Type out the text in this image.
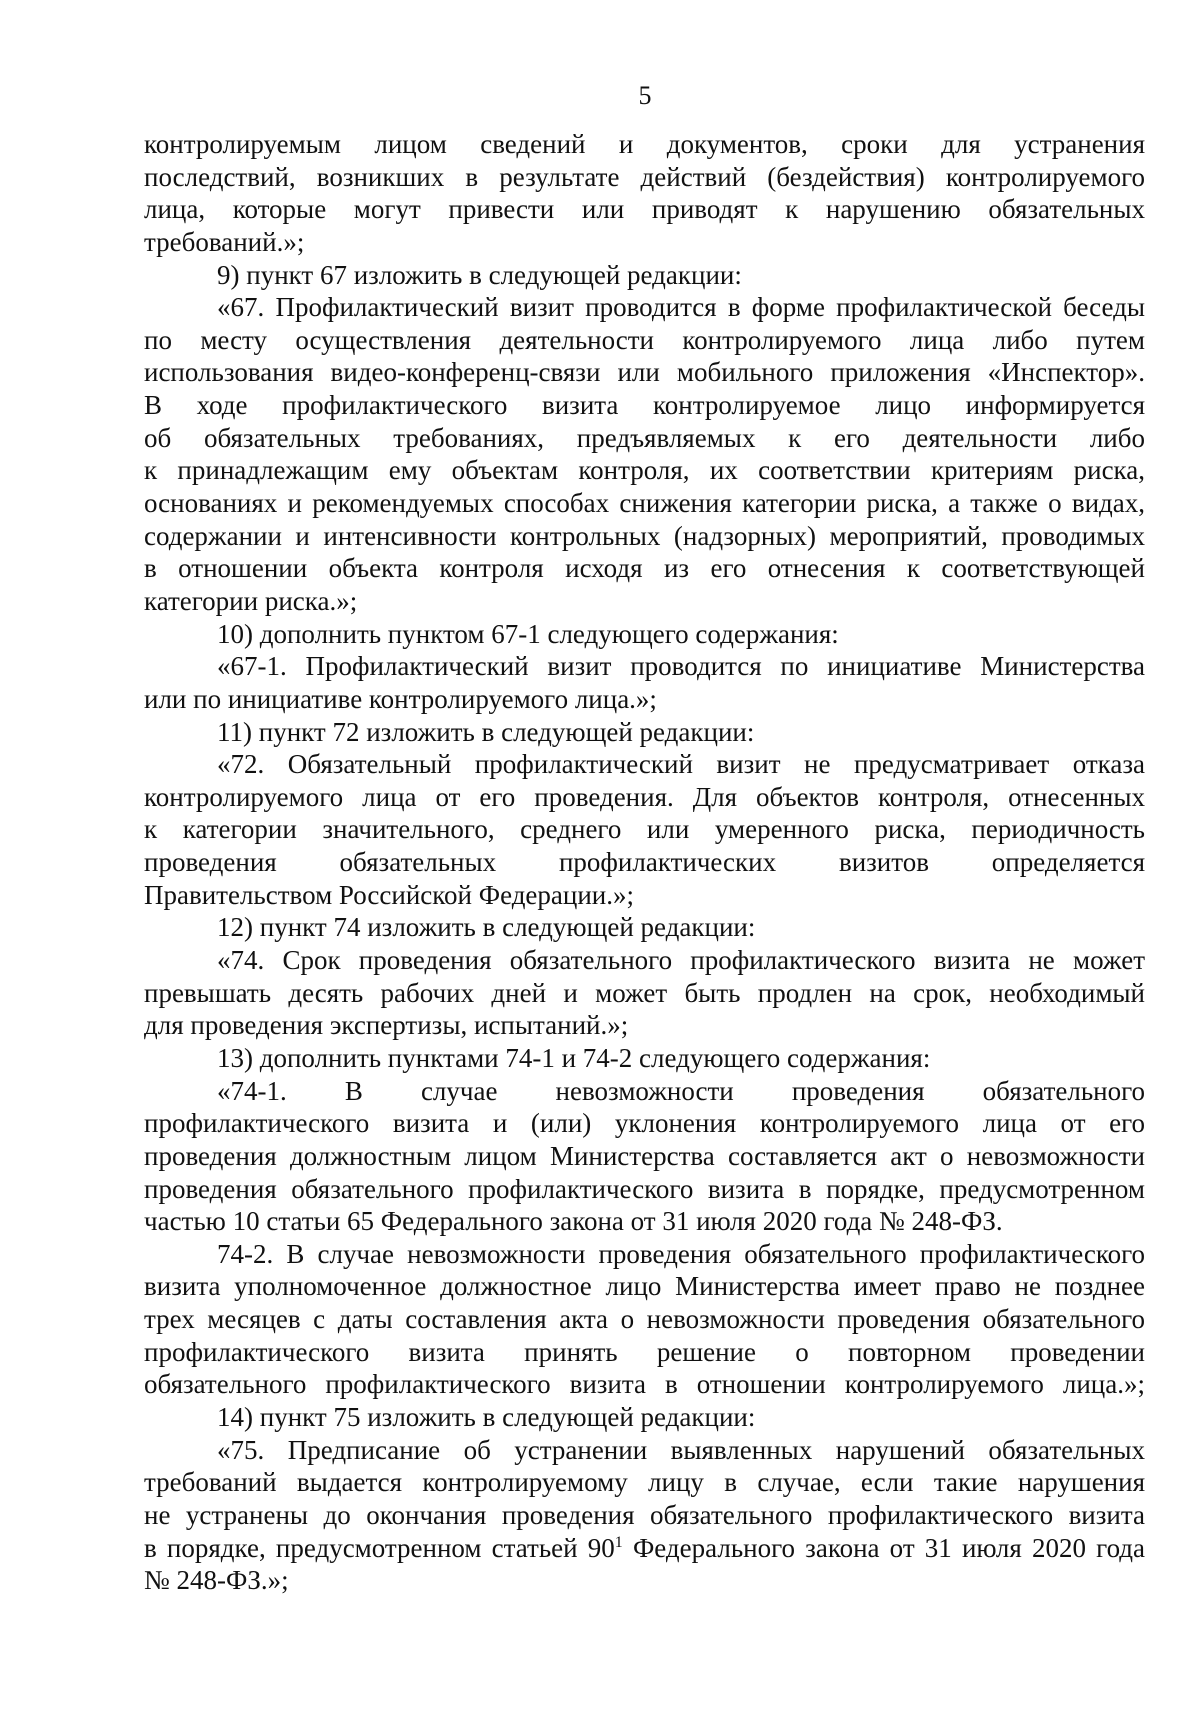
5
контролируемым лицом сведений и документов, сроки для устранения
последствий, возникших в результате действий (бездействия) контролируемого
лица, которые могут привести или приводят к нарушению обязательных
требований.»;
9) пункт 67 изложить в следующей редакции:
«67. Профилактический визит проводится в форме профилактической беседы
по месту осуществления деятельности контролируемого лица либо путем
использования видео-конференц-связи или мобильного приложения «Инспектор».
В ходе профилактического визита контролируемое лицо информируется
об обязательных требованиях, предъявляемых к его деятельности либо
к принадлежащим ему объектам контроля, их соответствии критериям риска,
основаниях и рекомендуемых способах снижения категории риска, а также о видах,
содержании и интенсивности контрольных (надзорных) мероприятий, проводимых
в отношении объекта контроля исходя из его отнесения к соответствующей
категории риска.»;
10) дополнить пунктом 67-1 следующего содержания:
«67-1. Профилактический визит проводится по инициативе Министерства
или по инициативе контролируемого лица.»;
11) пункт 72 изложить в следующей редакции:
«72. Обязательный профилактический визит не предусматривает отказа
контролируемого лица от его проведения. Для объектов контроля, отнесенных
к категории значительного, среднего или умеренного риска, периодичность
проведения обязательных профилактических визитов определяется
Правительством Российской Федерации.»;
12) пункт 74 изложить в следующей редакции:
«74. Срок проведения обязательного профилактического визита не может
превышать десять рабочих дней и может быть продлен на срок, необходимый
для проведения экспертизы, испытаний.»;
13) дополнить пунктами 74-1 и 74-2 следующего содержания:
«74-1. В случае невозможности проведения обязательного
профилактического визита и (или) уклонения контролируемого лица от его
проведения должностным лицом Министерства составляется акт о невозможности
проведения обязательного профилактического визита в порядке, предусмотренном
частью 10 статьи 65 Федерального закона от 31 июля 2020 года № 248-ФЗ.
74-2. В случае невозможности проведения обязательного профилактического
визита уполномоченное должностное лицо Министерства имеет право не позднее
трех месяцев с даты составления акта о невозможности проведения обязательного
профилактического визита принять решение о повторном проведении
обязательного профилактического визита в отношении контролируемого лица.»;
14) пункт 75 изложить в следующей редакции:
«75. Предписание об устранении выявленных нарушений обязательных
требований выдается контролируемому лицу в случае, если такие нарушения
не устранены до окончания проведения обязательного профилактического визита
в порядке, предусмотренном статьей $90^1$ Федерального закона от 31 июля 2020 года
№ 248-ФЗ.»;
